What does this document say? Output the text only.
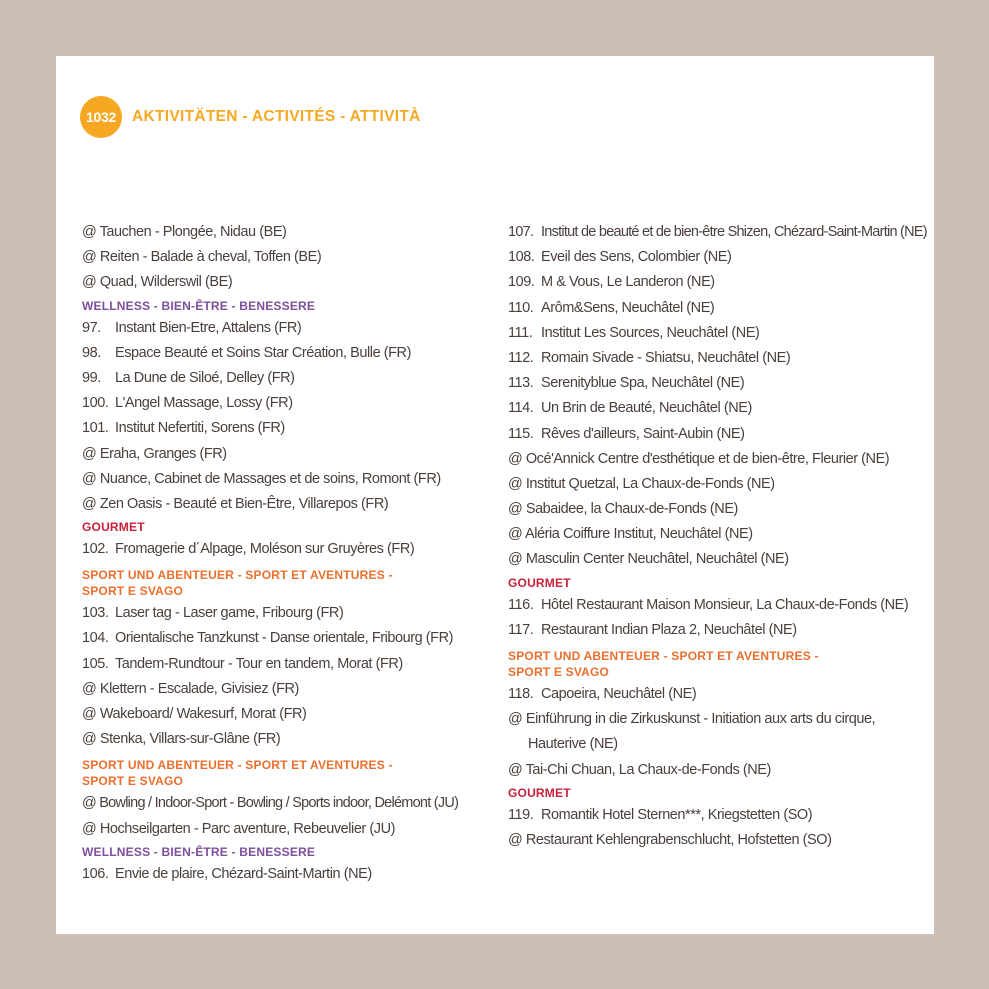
1032	AKTIVITÄTEN - ACTIVITÉS - ATTIVITÀ
@ Tauchen - Plongée, Nidau (BE)
@ Reiten - Balade à cheval, Toffen (BE)
@ Quad, Wilderswil (BE)
WELLNESS - BIEN-ÊTRE - BENESSERE
97. Instant Bien-Etre, Attalens (FR)
98. Espace Beauté et Soins Star Création, Bulle (FR)
99. La Dune de Siloé, Delley (FR)
100. L'Angel Massage, Lossy (FR)
101. Institut Nefertiti, Sorens (FR)
@ Eraha, Granges (FR)
@ Nuance, Cabinet de Massages et de soins, Romont (FR)
@ Zen Oasis - Beauté et Bien-Être, Villarepos (FR)
GOURMET
102. Fromagerie d´Alpage, Moléson sur Gruyères (FR)
SPORT UND ABENTEUER - SPORT ET AVENTURES -
SPORT E SVAGO
103. Laser tag - Laser game, Fribourg (FR)
104. Orientalische Tanzkunst - Danse orientale, Fribourg (FR)
105. Tandem-Rundtour - Tour en tandem, Morat (FR)
@ Klettern - Escalade, Givisiez (FR)
@ Wakeboard/ Wakesurf, Morat (FR)
@ Stenka, Villars-sur-Glâne (FR)
SPORT UND ABENTEUER - SPORT ET AVENTURES -
SPORT E SVAGO
@ Bowling / Indoor-Sport - Bowling / Sports indoor, Delémont (JU)
@ Hochseilgarten - Parc aventure, Rebeuvelier (JU)
WELLNESS - BIEN-ÊTRE - BENESSERE
106. Envie de plaire, Chézard-Saint-Martin (NE)
107. Institut de beauté et de bien-être Shizen, Chézard-Saint-Martin (NE)
108. Eveil des Sens, Colombier (NE)
109. M & Vous, Le Landeron (NE)
110. Arôm&Sens, Neuchâtel (NE)
111. Institut Les Sources, Neuchâtel (NE)
112. Romain Sivade - Shiatsu, Neuchâtel (NE)
113. Serenityblue Spa, Neuchâtel (NE)
114. Un Brin de Beauté, Neuchâtel (NE)
115. Rêves d'ailleurs, Saint-Aubin (NE)
@ Océ'Annick Centre d'esthétique et de bien-être, Fleurier (NE)
@ Institut Quetzal, La Chaux-de-Fonds (NE)
@ Sabaidee, la Chaux-de-Fonds (NE)
@ Aléria Coiffure Institut, Neuchâtel (NE)
@ Masculin Center Neuchâtel, Neuchâtel (NE)
GOURMET
116. Hôtel Restaurant Maison Monsieur, La Chaux-de-Fonds (NE)
117. Restaurant Indian Plaza 2, Neuchâtel (NE)
SPORT UND ABENTEUER - SPORT ET AVENTURES -
SPORT E SVAGO
118. Capoeira, Neuchâtel (NE)
@ Einführung in die Zirkuskunst - Initiation aux arts du cirque,
Hauterive (NE)
@ Tai-Chi Chuan, La Chaux-de-Fonds (NE)
GOURMET
119. Romantik Hotel Sternen***, Kriegstetten (SO)
@ Restaurant Kehlengrabenschlucht, Hofstetten (SO)
